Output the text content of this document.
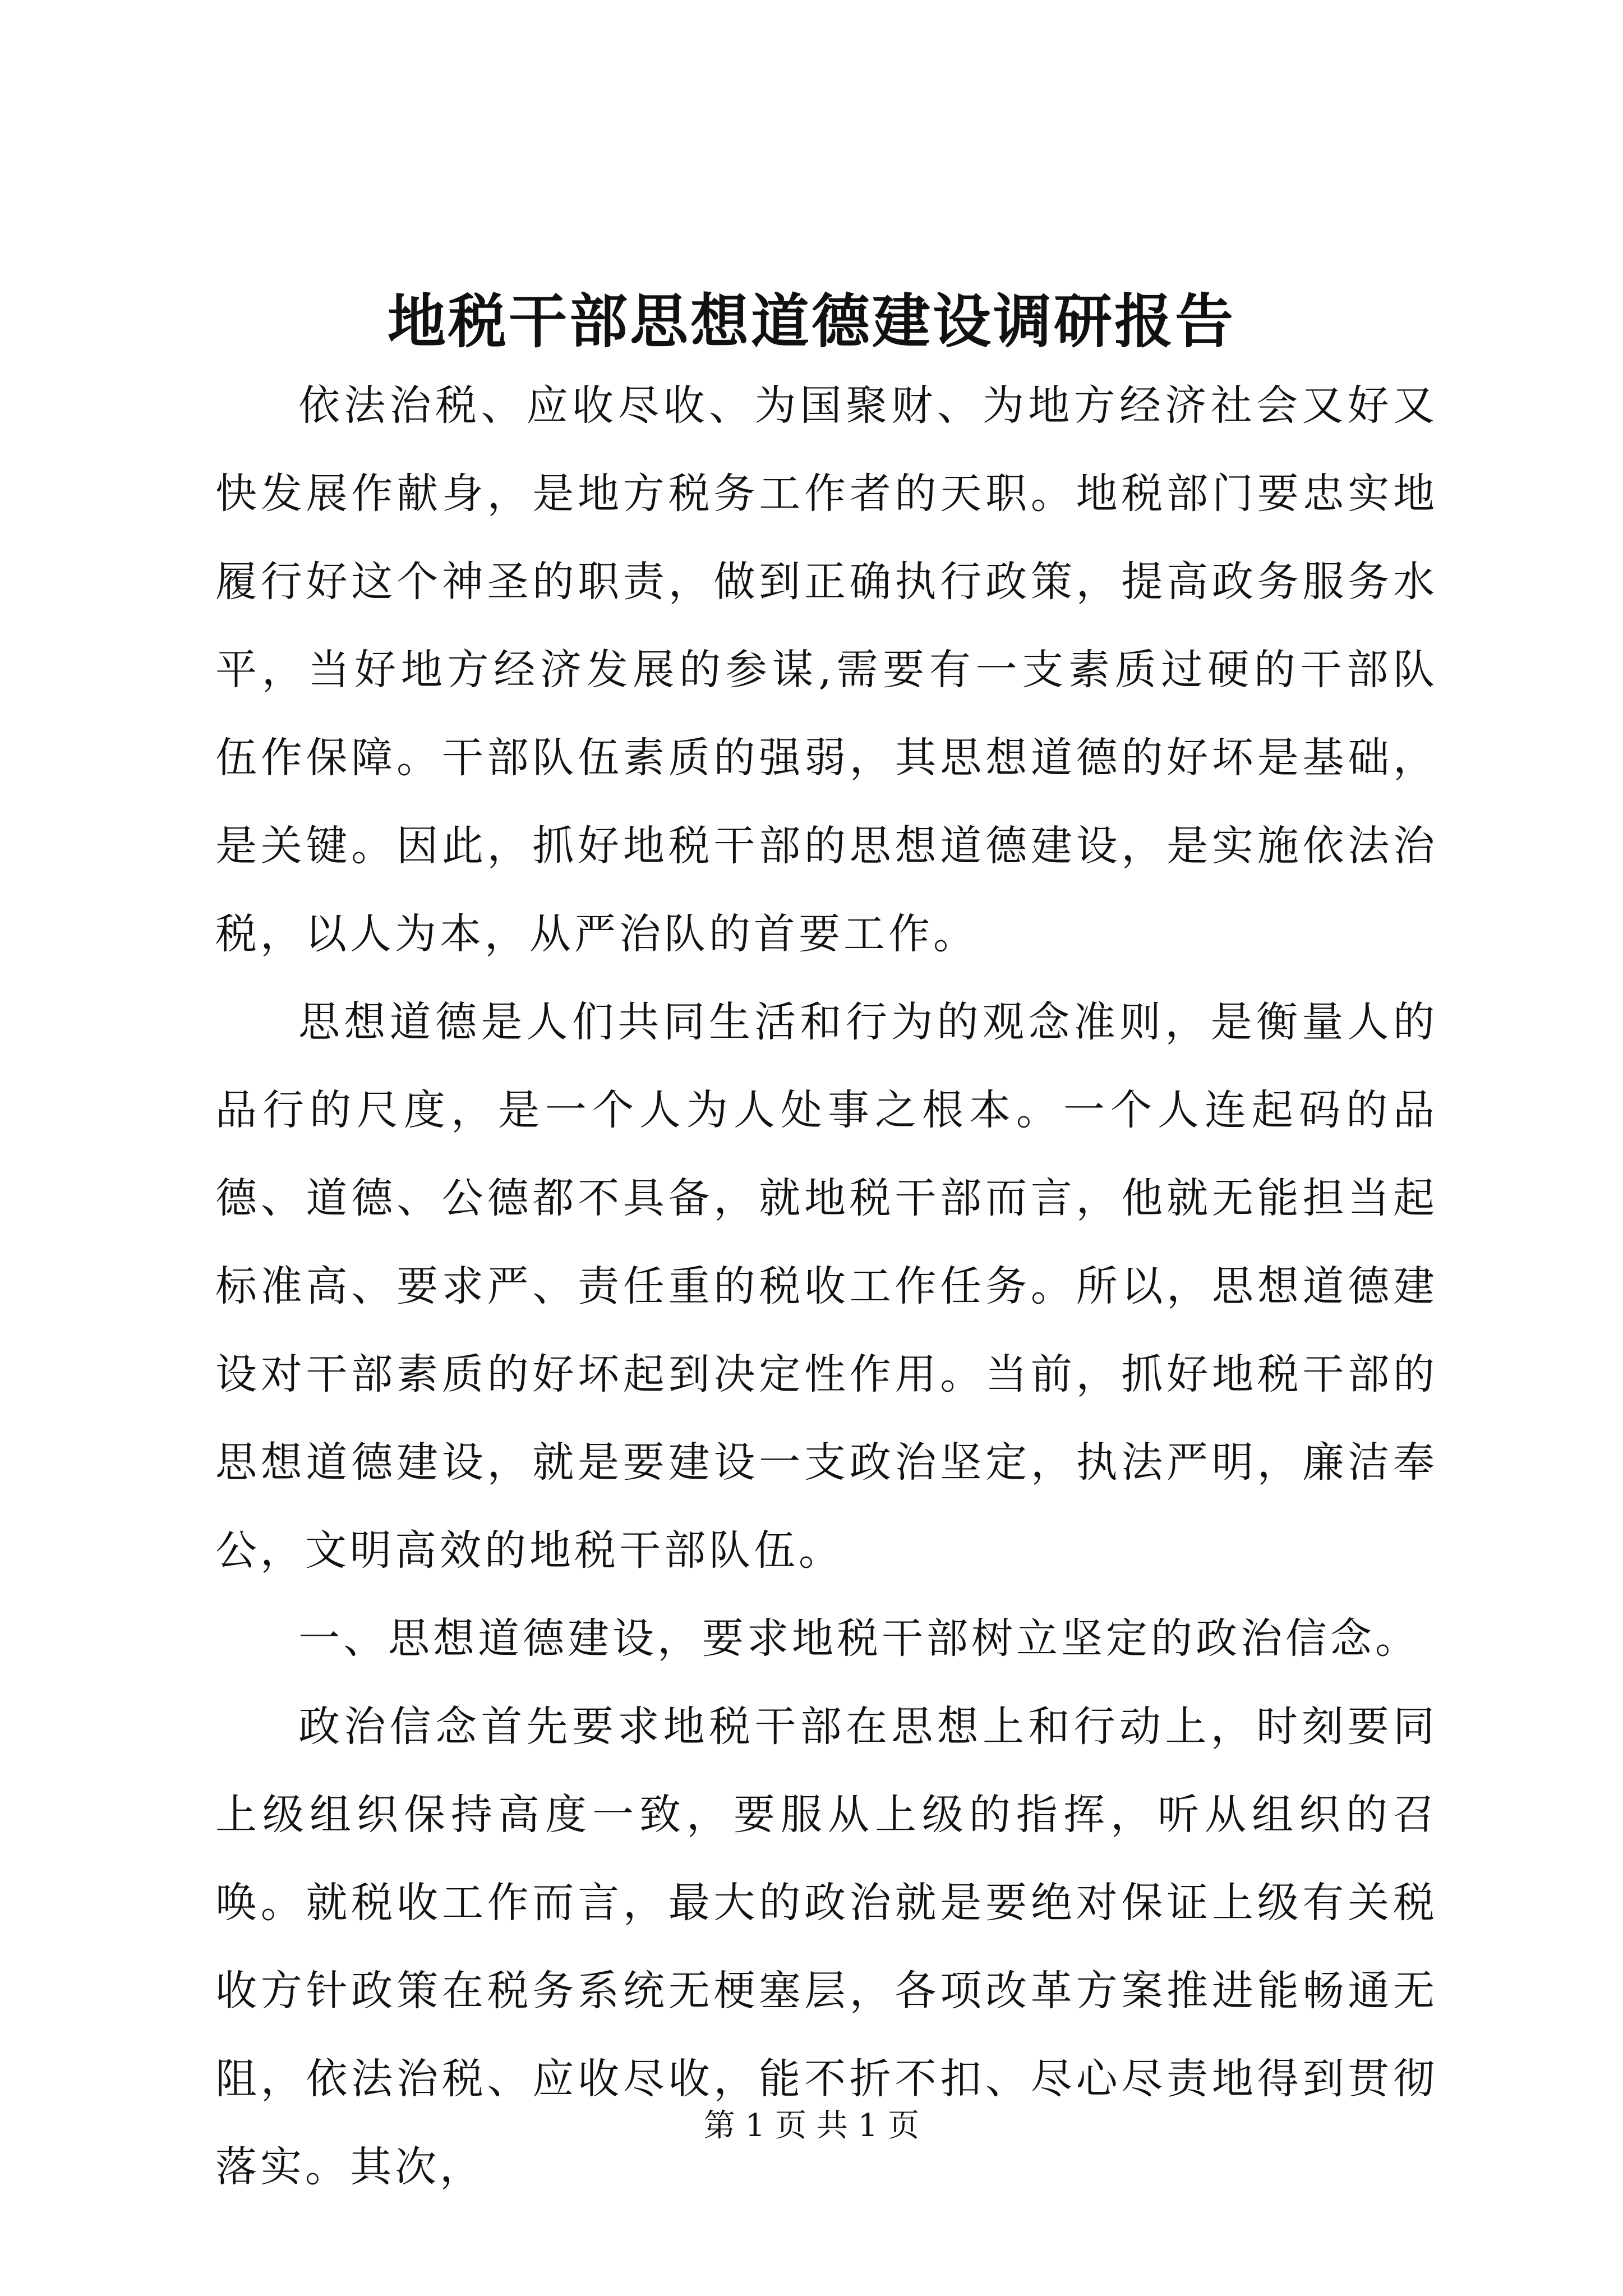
地税干部思想道德建设调研报告

依法治税、应收尽收、为国聚财、为地方经济社会又好又快发展作献身，是地方税务工作者的天职。地税部门要忠实地履行好这个神圣的职责，做到正确执行政策，提高政务服务水平，当好地方经济发展的参谋,需要有一支素质过硬的干部队伍作保障。干部队伍素质的强弱，其思想道德的好坏是基础，是关键。因此，抓好地税干部的思想道德建设，是实施依法治税，以人为本，从严治队的首要工作。

思想道德是人们共同生活和行为的观念准则，是衡量人的品行的尺度，是一个人为人处事之根本。一个人连起码的品德、道德、公德都不具备，就地税干部而言，他就无能担当起标准高、要求严、责任重的税收工作任务。所以，思想道德建设对干部素质的好坏起到决定性作用。当前，抓好地税干部的思想道德建设，就是要建设一支政治坚定，执法严明，廉洁奉公，文明高效的地税干部队伍。

一、思想道德建设，要求地税干部树立坚定的政治信念。

政治信念首先要求地税干部在思想上和行动上，时刻要同上级组织保持高度一致，要服从上级的指挥，听从组织的召唤。就税收工作而言，最大的政治就是要绝对保证上级有关税收方针政策在税务系统无梗塞层，各项改革方案推进能畅通无阻，依法治税、应收尽收，能不折不扣、尽心尽责地得到贯彻落实。其次，

第 1 页 共 1 页
